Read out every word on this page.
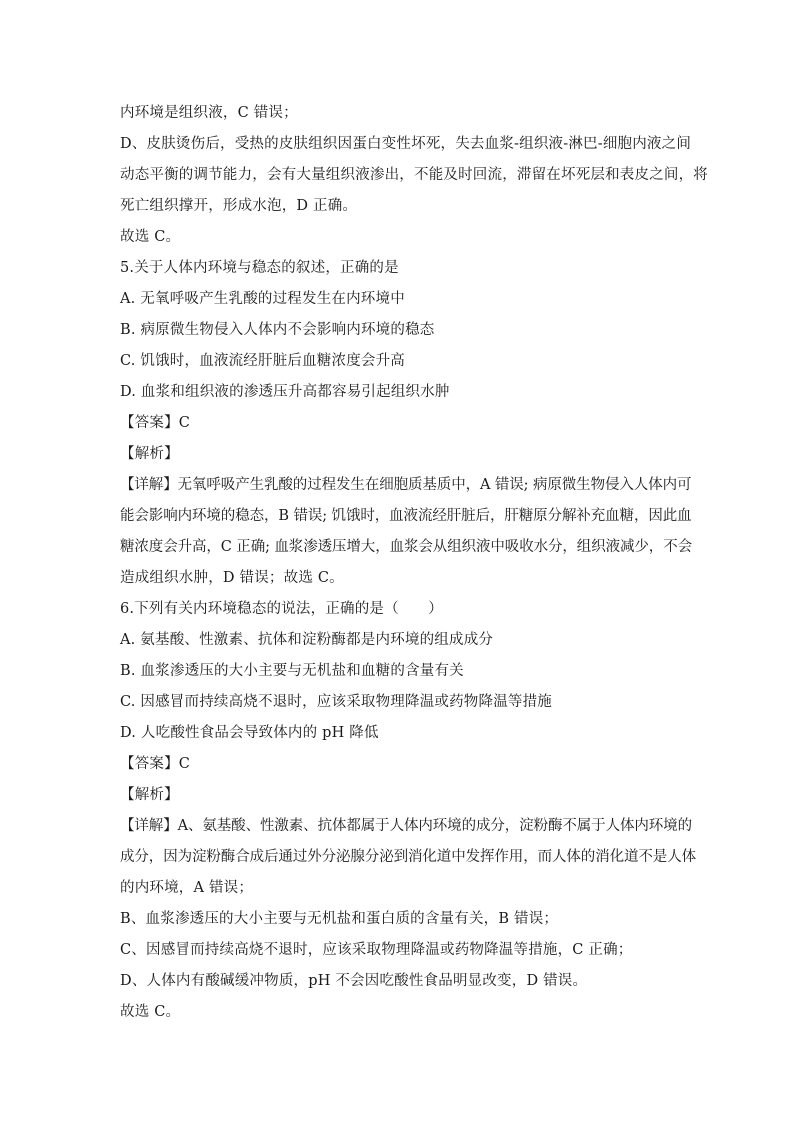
内环境是组织液，C 错误；
D、皮肤烫伤后，受热的皮肤组织因蛋白变性坏死，失去血浆-组织液-淋巴-细胞内液之间
动态平衡的调节能力，会有大量组织液渗出，不能及时回流，滞留在坏死层和表皮之间，将
死亡组织撑开，形成水泡，D 正确。
故选 C。
5.关于人体内环境与稳态的叙述，正确的是
A. 无氧呼吸产生乳酸的过程发生在内环境中
B. 病原微生物侵入人体内不会影响内环境的稳态
C. 饥饿时，血液流经肝脏后血糖浓度会升高
D. 血浆和组织液的渗透压升高都容易引起组织水肿
【答案】C
【解析】
【详解】无氧呼吸产生乳酸的过程发生在细胞质基质中，A 错误; 病原微生物侵入人体内可
能会影响内环境的稳态，B 错误; 饥饿时，血液流经肝脏后，肝糖原分解补充血糖，因此血
糖浓度会升高，C 正确; 血浆渗透压增大，血浆会从组织液中吸收水分，组织液减少，不会
造成组织水肿，D 错误；故选 C。
6.下列有关内环境稳态的说法，正确的是（　　）
A. 氨基酸、性激素、抗体和淀粉酶都是内环境的组成成分
B. 血浆渗透压的大小主要与无机盐和血糖的含量有关
C. 因感冒而持续高烧不退时，应该采取物理降温或药物降温等措施
D. 人吃酸性食品会导致体内的 pH 降低
【答案】C
【解析】
【详解】A、氨基酸、性激素、抗体都属于人体内环境的成分，淀粉酶不属于人体内环境的
成分，因为淀粉酶合成后通过外分泌腺分泌到消化道中发挥作用，而人体的消化道不是人体
的内环境，A 错误；
B、血浆渗透压的大小主要与无机盐和蛋白质的含量有关，B 错误；
C、因感冒而持续高烧不退时，应该采取物理降温或药物降温等措施，C 正确；
D、人体内有酸碱缓冲物质，pH 不会因吃酸性食品明显改变，D 错误。
故选 C。
